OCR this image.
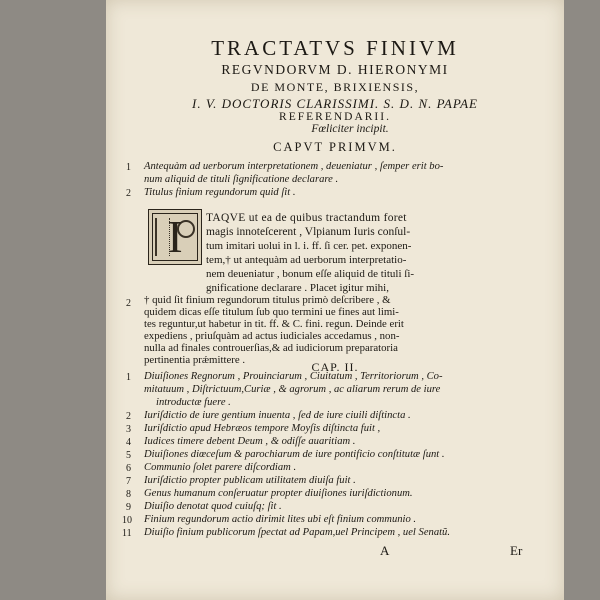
TRACTATVS FINIVM
REGVNDORVM D. HIERONYMI
DE MONTE, BRIXIENSIS,
I. V. DOCTORIS CLARISSIMI. S. D. N. PAPAE
REFERENDARII.
Fœliciter incipit.
CAPVT PRIMVM.
1 Antequàm ad uerborum interpretationem , deueniatur , ſemper erit bo-
num aliquid de tituli ſignificatione declarare .
2 Titulus finium regundorum quid ſit .
I	TAQVE ut ea de quibus tractandum foret
magis innoteſcerent , Vlpianum Iuris conſul-
tum imitari uolui in l. i. ff. ſi cer. pet. exponen-
tem,† ut antequàm ad uerborum interpretatio-
nem deueniatur , bonum eſſe aliquid de tituli ſi-
gnificatione declarare . Placet igitur mihi,
2
CAP. II.
1 Diuiſiones Regnorum , Prouinciarum , Ciuitatum , Territoriorum , Co-
mitatuum , Diſtrictuum,Curiæ , & agrorum , ac aliarum rerum de iure
introductæ fuere .
2 Iuriſdictio de iure gentium inuenta , ſed de iure ciuili diſtincta .
3 Iuriſdictio apud Hebræos tempore Moyſis diſtincta fuit ,
4 Iudices timere debent Deum , & odiſſe auaritiam .
5 Diuiſiones diœceſum & parochiarum de iure pontificio conſtitutæ ſunt .
6 Communio ſolet parere diſcordiam .
7 Iuriſdictio propter publicam utilitatem diuiſa fuit .
8 Genus humanum conſeruatur propter diuiſiones iuriſdictionum.
9 Diuiſio denotat quod cuiuſq; ſit .
10 Finium regundorum actio dirimit lites ubi eſt finium communio .
11 Diuiſio finium publicorum ſpectat ad Papam,uel Principem , uel Senatũ.
A	Er
† quid ſit finium regundorum titulus primò deſcribere , &
quidem dicas eſſe titulum ſub quo termini ue fines aut limi-
tes reguntur,ut habetur in tit. ff. & C. fini. regun. Deinde erit
expediens , priuſquàm ad actus iudiciales accedamus , non-
nulla ad finales controuerſias,& ad iudiciorum preparatoria
pertinentia prǽmittere .
